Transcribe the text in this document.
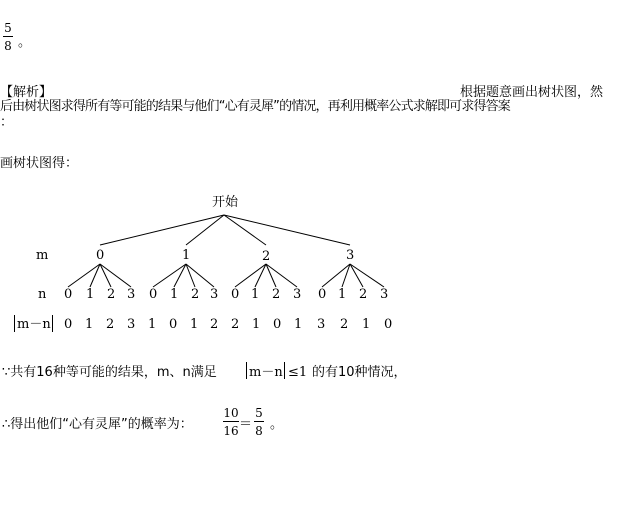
5
8 。
【解析】	根据题意画出树状图，然
后由树状图求得所有等可能的结果与他们“心有灵犀”的情况，再利用概率公式求解即可求得答案
：
画树状图得：
开始
m	0	1	2	3
n 0 1 2 3 0 1 2 3 0 1 2 3 0 1 2 3
m－n 0 1 2 3 1 0 1 2 2 1 0 1 3 2 1 0
∵共有16种等可能的结果，m、n满足 m－n ≤1 的有10种情况，
∴得出他们“心有灵犀”的概率为：
10
16 ＝
5
8 。
